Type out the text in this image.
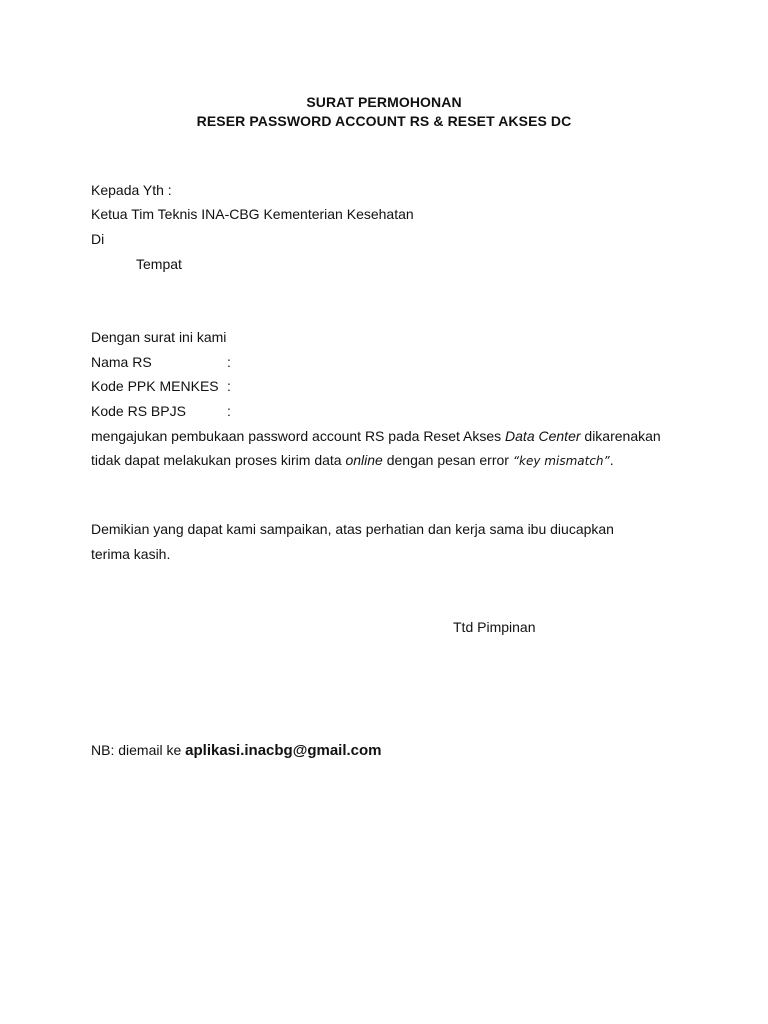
SURAT PERMOHONAN
RESER PASSWORD ACCOUNT RS & RESET AKSES DC
Kepada Yth :
Ketua Tim Teknis INA-CBG Kementerian Kesehatan
Di
Tempat
Dengan surat ini kami
Nama RS	:
Kode PPK MENKES :
Kode RS BPJS	:
mengajukan pembukaan password account RS pada Reset Akses Data Center dikarenakan
tidak dapat melakukan proses kirim data online dengan pesan error “key mismatch”.
Demikian yang dapat kami sampaikan, atas perhatian dan kerja sama ibu diucapkan
terima kasih.
Ttd Pimpinan
NB: diemail ke aplikasi.inacbg@gmail.com
